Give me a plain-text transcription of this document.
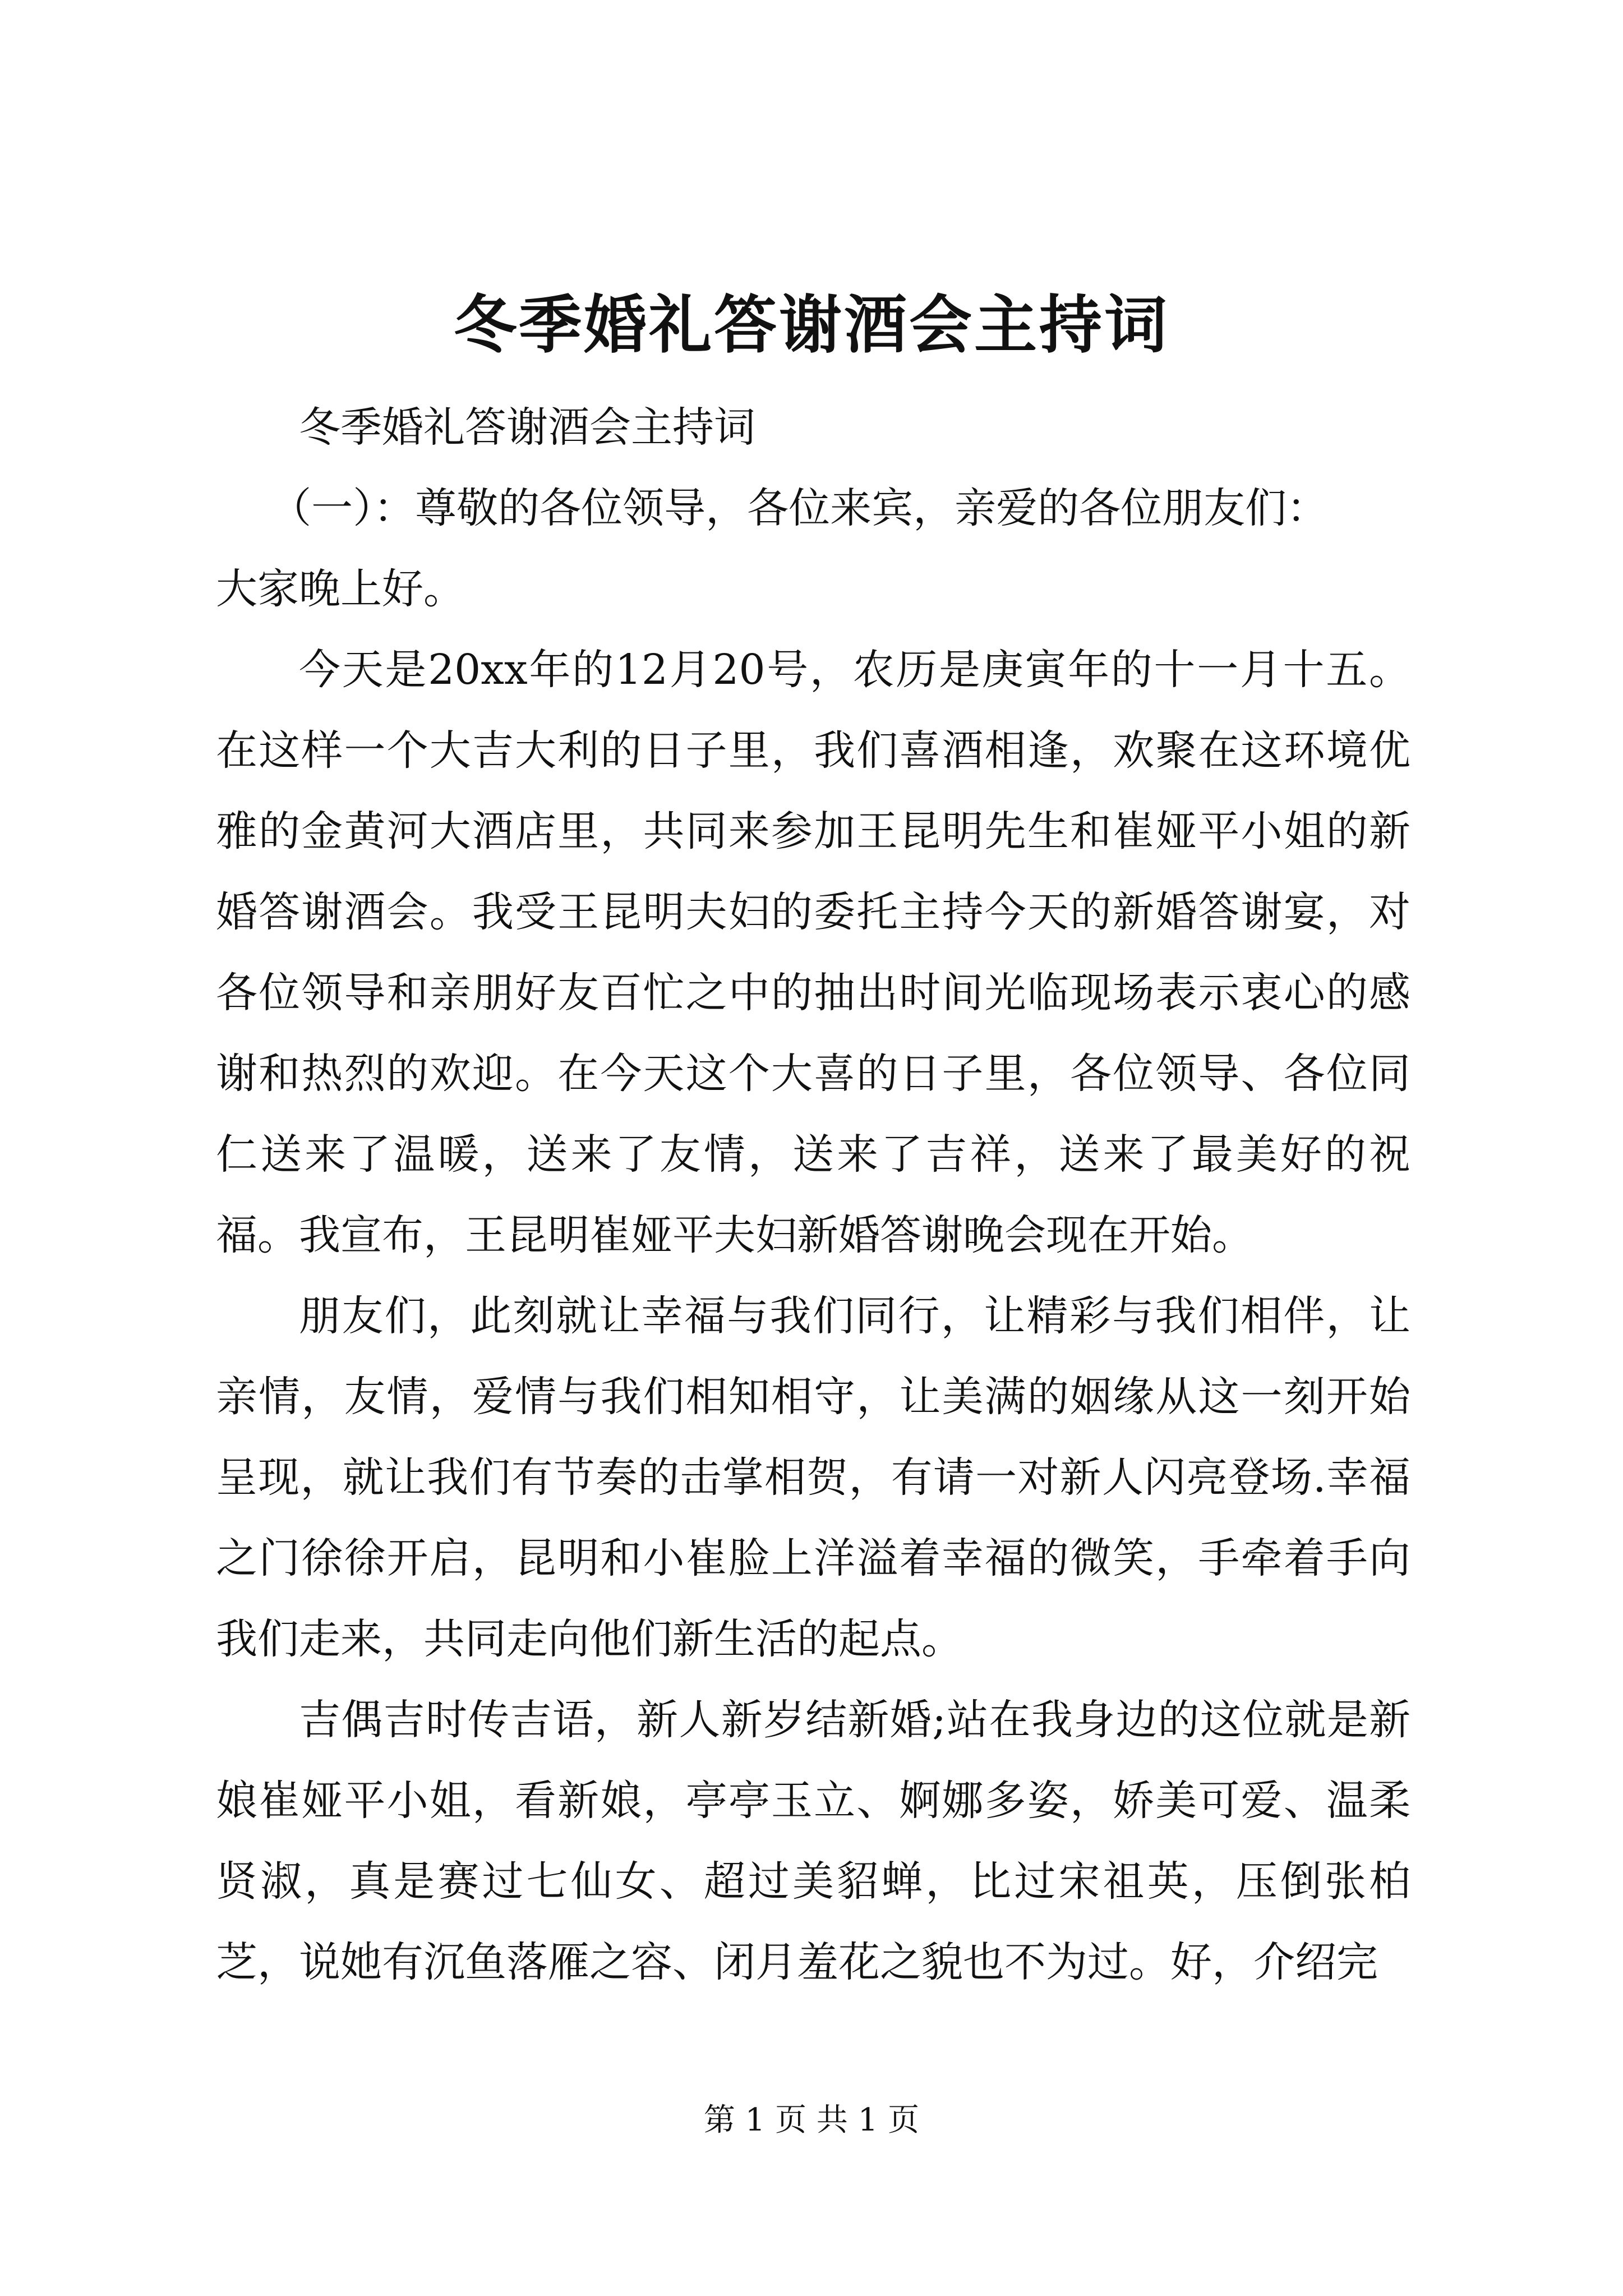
冬季婚礼答谢酒会主持词

冬季婚礼答谢酒会主持词

（一）：尊敬的各位领导，各位来宾，亲爱的各位朋友们：

大家晚上好。

今天是20xx年的12月20号，农历是庚寅年的十一月十五。在这样一个大吉大利的日子里，我们喜酒相逢，欢聚在这环境优雅的金黄河大酒店里，共同来参加王昆明先生和崔娅平小姐的新婚答谢酒会。我受王昆明夫妇的委托主持今天的新婚答谢宴，对各位领导和亲朋好友百忙之中的抽出时间光临现场表示衷心的感谢和热烈的欢迎。在今天这个大喜的日子里，各位领导、各位同仁送来了温暖，送来了友情，送来了吉祥，送来了最美好的祝福。我宣布，王昆明崔娅平夫妇新婚答谢晚会现在开始。

朋友们，此刻就让幸福与我们同行，让精彩与我们相伴，让亲情，友情，爱情与我们相知相守，让美满的姻缘从这一刻开始呈现，就让我们有节奏的击掌相贺，有请一对新人闪亮登场.幸福之门徐徐开启，昆明和小崔脸上洋溢着幸福的微笑，手牵着手向我们走来，共同走向他们新生活的起点。

吉偶吉时传吉语，新人新岁结新婚;站在我身边的这位就是新娘崔娅平小姐，看新娘，亭亭玉立、婀娜多姿，娇美可爱、温柔贤淑，真是赛过七仙女、超过美貂蝉，比过宋祖英，压倒张柏芝，说她有沉鱼落雁之容、闭月羞花之貌也不为过。好，介绍完

第 1 页 共 1 页
